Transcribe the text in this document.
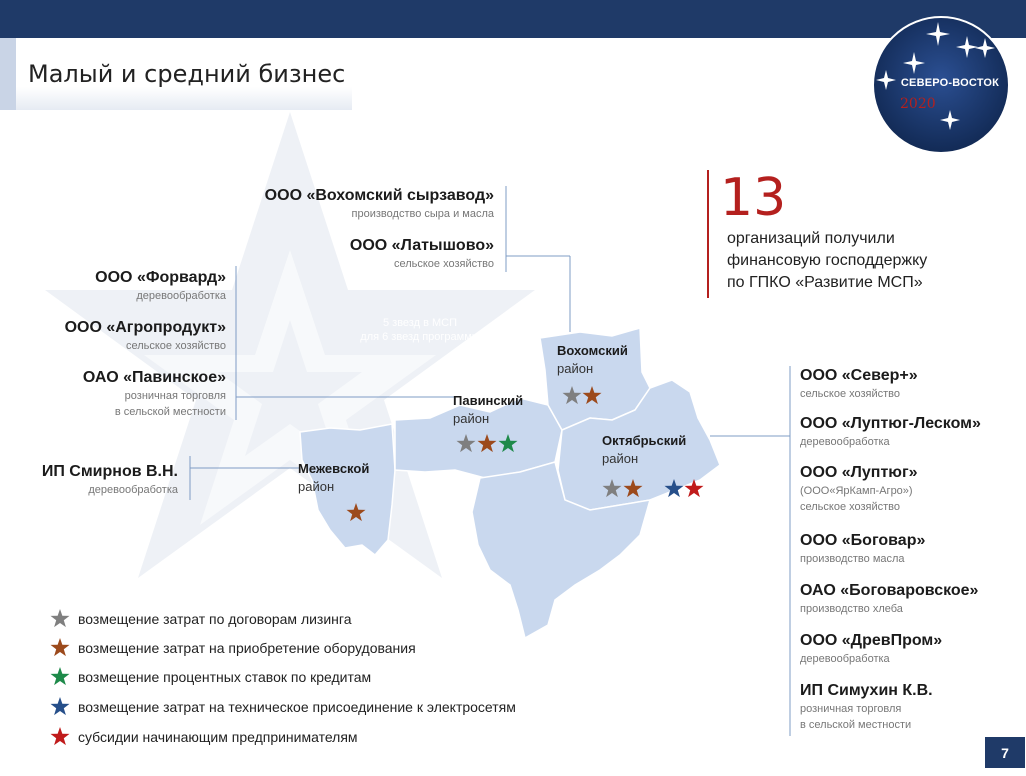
Малый и средний бизнес
5 звезд в МСП
для 6 звезд программы
Вохомский
район
Павинский
район
Октябрьский
район
Межевской
район
ООО «Вохомский сырзавод»
производство сыра и масла
ООО «Латышово»
сельское хозяйство
ООО «Форвард»
деревообработка
ООО «Агропродукт»
сельское хозяйство
ОАО «Павинское»
розничная торговля
в сельской местности
ИП Смирнов В.Н.
деревообработка
ООО «Север+»
сельское хозяйство
ООО «Луптюг-Леском»
деревообработка
ООО «Луптюг»
(ООО«ЯрКамп-Агро»)
сельское хозяйство
ООО «Боговар»
производство масла
ОАО «Боговаровское»
производство хлеба
ООО «ДревПром»
деревообработка
ИП Симухин К.В.
розничная торговля
в сельской местности
13
организаций получили
финансовую господдержку
по ГПКО «Развитие МСП»
СЕВЕРО-ВОСТОК
2020
возмещение затрат по договорам лизинга
возмещение затрат на приобретение оборудования
возмещение процентных ставок по кредитам
возмещение затрат на техническое присоединение к электросетям
субсидии начинающим предпринимателям
7
